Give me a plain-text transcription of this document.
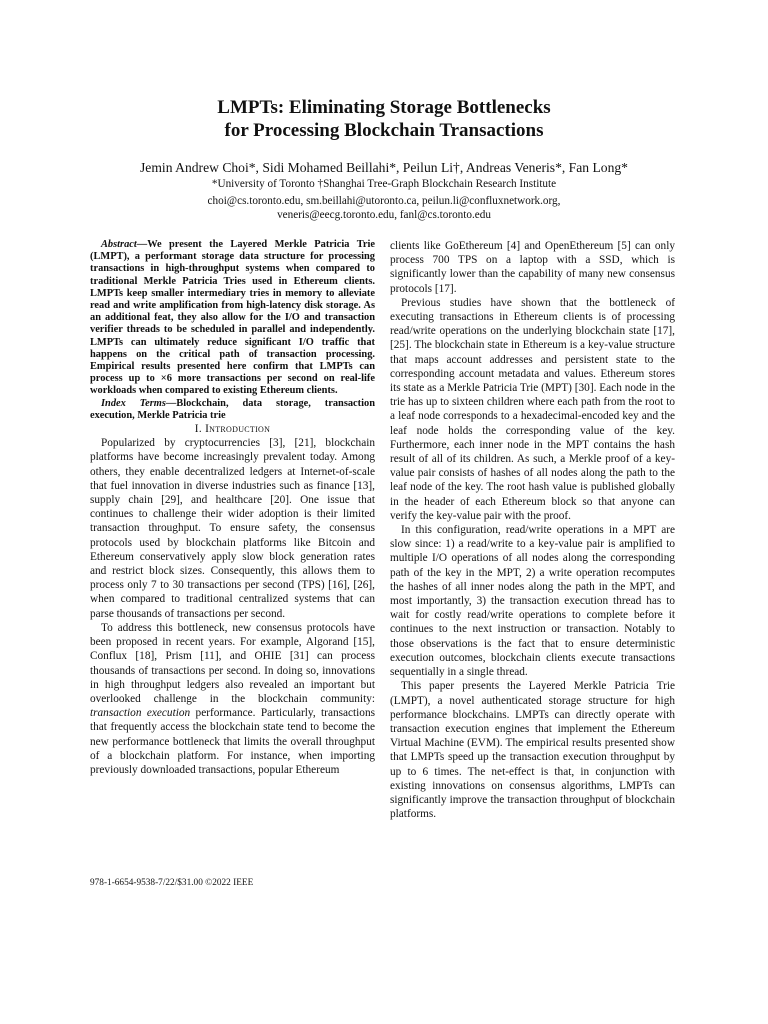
LMPTs: Eliminating Storage Bottlenecks
for Processing Blockchain Transactions
Jemin Andrew Choi*, Sidi Mohamed Beillahi*, Peilun Li†, Andreas Veneris*, Fan Long*
*University of Toronto †Shanghai Tree-Graph Blockchain Research Institute
choi@cs.toronto.edu, sm.beillahi@utoronto.ca, peilun.li@confluxnetwork.org,
veneris@eecg.toronto.edu, fanl@cs.toronto.edu

Abstract—We present the Layered Merkle Patricia Trie (LMPT), a performant storage data structure for processing transactions in high-throughput systems when compared to traditional Merkle Patricia Tries used in Ethereum clients. LMPTs keep smaller intermediary tries in memory to alleviate read and write amplification from high-latency disk storage. As an additional feat, they also allow for the I/O and transaction verifier threads to be scheduled in parallel and independently. LMPTs can ultimately reduce significant I/O traffic that happens on the critical path of transaction processing. Empirical results presented here confirm that LMPTs can process up to ×6 more transactions per second on real-life workloads when compared to existing Ethereum clients.

Index Terms—Blockchain, data storage, transaction execution, Merkle Patricia trie

I. Introduction

Popularized by cryptocurrencies [3], [21], blockchain platforms have become increasingly prevalent today. Among others, they enable decentralized ledgers at Internet-of-scale that fuel innovation in diverse industries such as finance [13], supply chain [29], and healthcare [20]. One issue that continues to challenge their wider adoption is their limited transaction throughput. To ensure safety, the consensus protocols used by blockchain platforms like Bitcoin and Ethereum conservatively apply slow block generation rates and restrict block sizes. Consequently, this allows them to process only 7 to 30 transactions per second (TPS) [16], [26], when compared to traditional centralized systems that can parse thousands of transactions per second.

To address this bottleneck, new consensus protocols have been proposed in recent years. For example, Algorand [15], Conflux [18], Prism [11], and OHIE [31] can process thousands of transactions per second. In doing so, innovations in high throughput ledgers also revealed an important but overlooked challenge in the blockchain community: transaction execution performance. Particularly, transactions that frequently access the blockchain state tend to become the new performance bottleneck that limits the overall throughput of a blockchain platform. For instance, when importing previously downloaded transactions, popular Ethereum

clients like GoEthereum [4] and OpenEthereum [5] can only process 700 TPS on a laptop with a SSD, which is significantly lower than the capability of many new consensus protocols [17].

Previous studies have shown that the bottleneck of executing transactions in Ethereum clients is of processing read/write operations on the underlying blockchain state [17], [25]. The blockchain state in Ethereum is a key-value structure that maps account addresses and persistent state to the corresponding account metadata and values. Ethereum stores its state as a Merkle Patricia Trie (MPT) [30]. Each node in the trie has up to sixteen children where each path from the root to a leaf node corresponds to a hexadecimal-encoded key and the leaf node holds the corresponding value of the key. Furthermore, each inner node in the MPT contains the hash result of all of its children. As such, a Merkle proof of a key-value pair consists of hashes of all nodes along the path to the leaf node of the key. The root hash value is published globally in the header of each Ethereum block so that anyone can verify the key-value pair with the proof.

In this configuration, read/write operations in a MPT are slow since: 1) a read/write to a key-value pair is amplified to multiple I/O operations of all nodes along the corresponding path of the key in the MPT, 2) a write operation recomputes the hashes of all inner nodes along the path in the MPT, and most importantly, 3) the transaction execution thread has to wait for costly read/write operations to complete before it continues to the next instruction or transaction. Notably to those observations is the fact that to ensure deterministic execution outcomes, blockchain clients execute transactions sequentially in a single thread.

This paper presents the Layered Merkle Patricia Trie (LMPT), a novel authenticated storage structure for high performance blockchains. LMPTs can directly operate with transaction execution engines that implement the Ethereum Virtual Machine (EVM). The empirical results presented show that LMPTs speed up the transaction execution throughput by up to 6 times. The net-effect is that, in conjunction with existing innovations on consensus algorithms, LMPTs can significantly improve the transaction throughput of blockchain platforms.

978-1-6654-9538-7/22/$31.00 ©2022 IEEE
